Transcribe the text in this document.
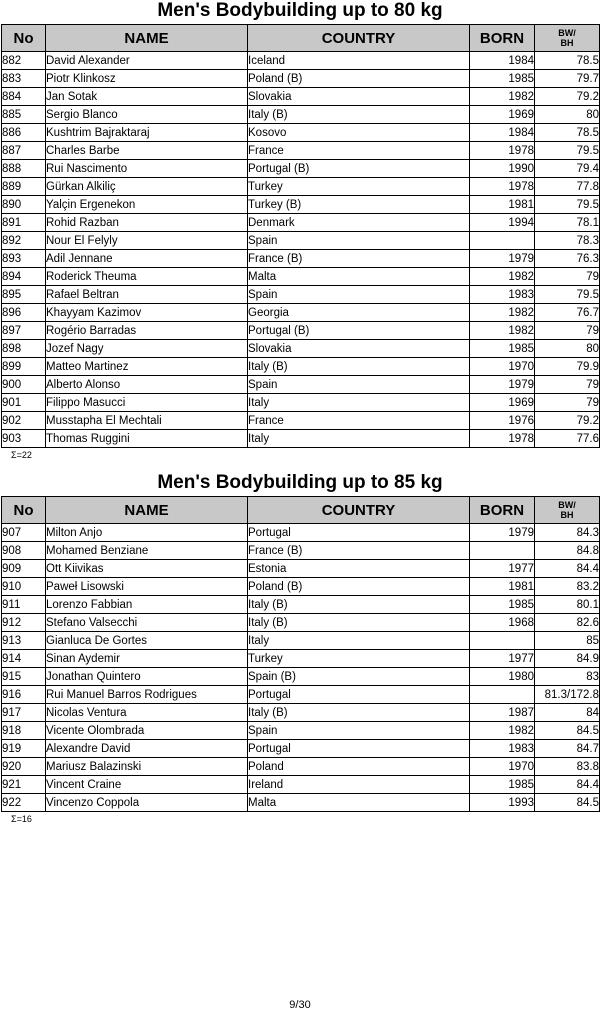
Men's Bodybuilding up to 80 kg
No	NAME	COUNTRY	BORN	BW/
BH
882	David Alexander	Iceland	1984	78.5
883	Piotr Klinkosz	Poland (B)	1985	79.7
884	Jan Sotak	Slovakia	1982	79.2
885	Sergio Blanco	Italy (B)	1969	80
886	Kushtrim Bajraktaraj	Kosovo	1984	78.5
887	Charles Barbe	France	1978	79.5
888	Rui Nascimento	Portugal (B)	1990	79.4
889	Gürkan Alkiliç	Turkey	1978	77.8
890	Yalçin Ergenekon	Turkey (B)	1981	79.5
891	Rohid Razban	Denmark	1994	78.1
892	Nour El Felyly	Spain		78.3
893	Adil Jennane	France (B)	1979	76.3
894	Roderick Theuma	Malta	1982	79
895	Rafael Beltran	Spain	1983	79.5
896	Khayyam Kazimov	Georgia	1982	76.7
897	Rogério Barradas	Portugal (B)	1982	79
898	Jozef Nagy	Slovakia	1985	80
899	Matteo Martinez	Italy (B)	1970	79.9
900	Alberto Alonso	Spain	1979	79
901	Filippo Masucci	Italy	1969	79
902	Musstapha El Mechtali	France	1976	79.2
903	Thomas Ruggini	Italy	1978	77.6
Σ=22
Men's Bodybuilding up to 85 kg
No	NAME	COUNTRY	BORN	BW/
BH
907	Milton Anjo	Portugal	1979	84.3
908	Mohamed Benziane	France (B)		84.8
909	Ott Kiivikas	Estonia	1977	84.4
910	Paweł Lisowski	Poland (B)	1981	83.2
911	Lorenzo Fabbian	Italy (B)	1985	80.1
912	Stefano Valsecchi	Italy (B)	1968	82.6
913	Gianluca De Gortes	Italy		85
914	Sinan Aydemir	Turkey	1977	84.9
915	Jonathan Quintero	Spain (B)	1980	83
916	Rui Manuel Barros Rodrigues	Portugal		81.3/172.8
917	Nicolas Ventura	Italy (B)	1987	84
918	Vicente Olombrada	Spain	1982	84.5
919	Alexandre David	Portugal	1983	84.7
920	Mariusz Balazinski	Poland	1970	83.8
921	Vincent Craine	Ireland	1985	84.4
922	Vincenzo Coppola	Malta	1993	84.5
Σ=16
9/30
